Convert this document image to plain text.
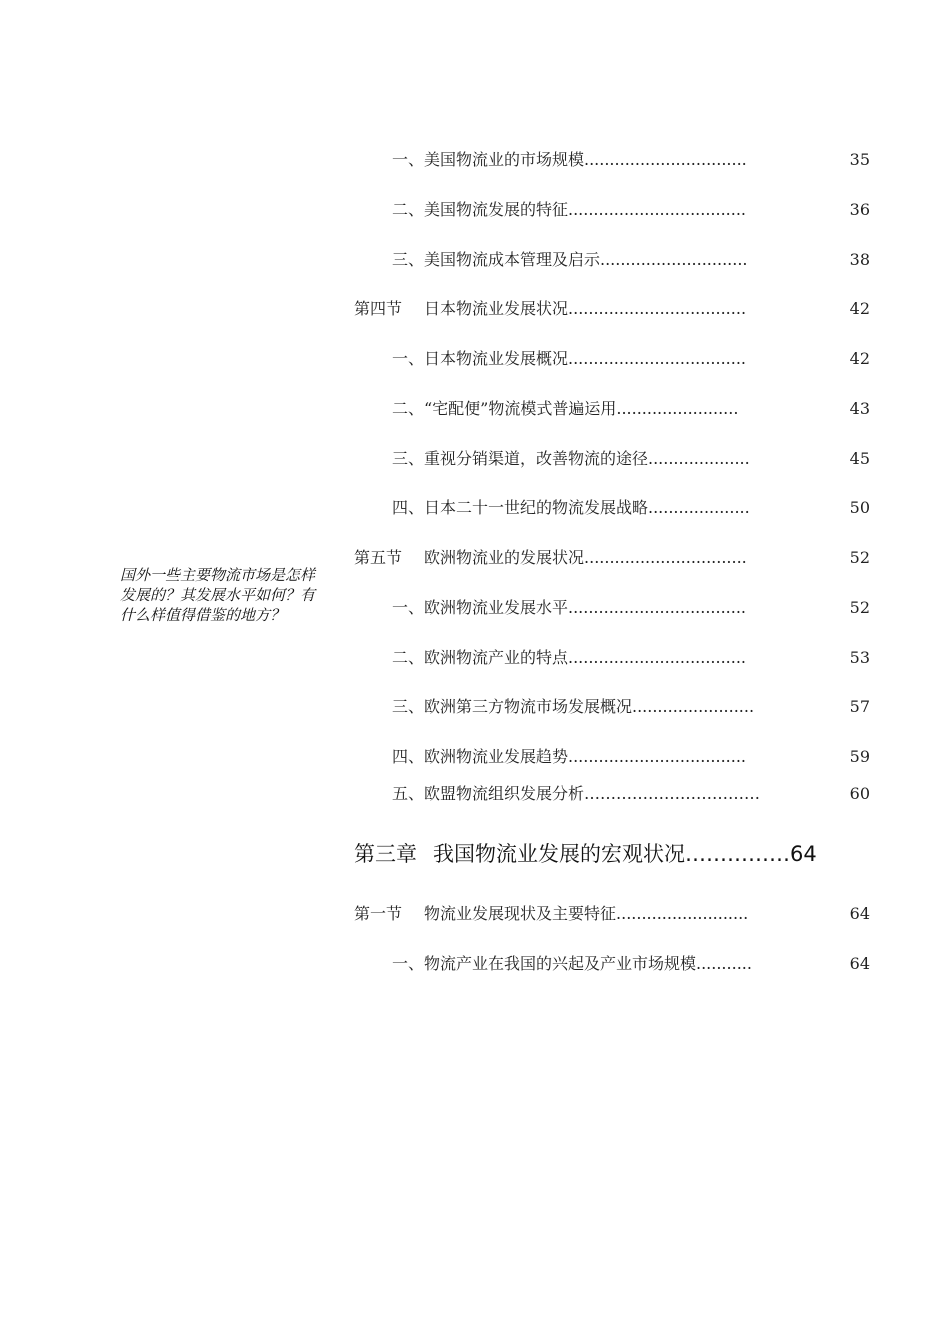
国外一些主要物流市场是怎样发展的？其发展水平如何？有什么样值得借鉴的地方？
一、美国物流业的市场规模................................	35
二、美国物流发展的特征...................................	36
三、美国物流成本管理及启示.............................	38
第四节 日本物流业发展状况...................................	42
一、日本物流业发展概况...................................	42
二、“宅配便”物流模式普遍运用........................	43
三、重视分销渠道，改善物流的途径....................	45
四、日本二十一世纪的物流发展战略....................	50
第五节 欧洲物流业的发展状况................................	52
一、欧洲物流业发展水平...................................	52
二、欧洲物流产业的特点...................................	53
三、欧洲第三方物流市场发展概况........................	57
四、欧洲物流业发展趋势...................................	59
五、欧盟物流组织发展分析……………………………	60
第三章 我国物流业发展的宏观状况……………64
第一节 物流业发展现状及主要特征..........................	64
一、物流产业在我国的兴起及产业市场规模...........	64
